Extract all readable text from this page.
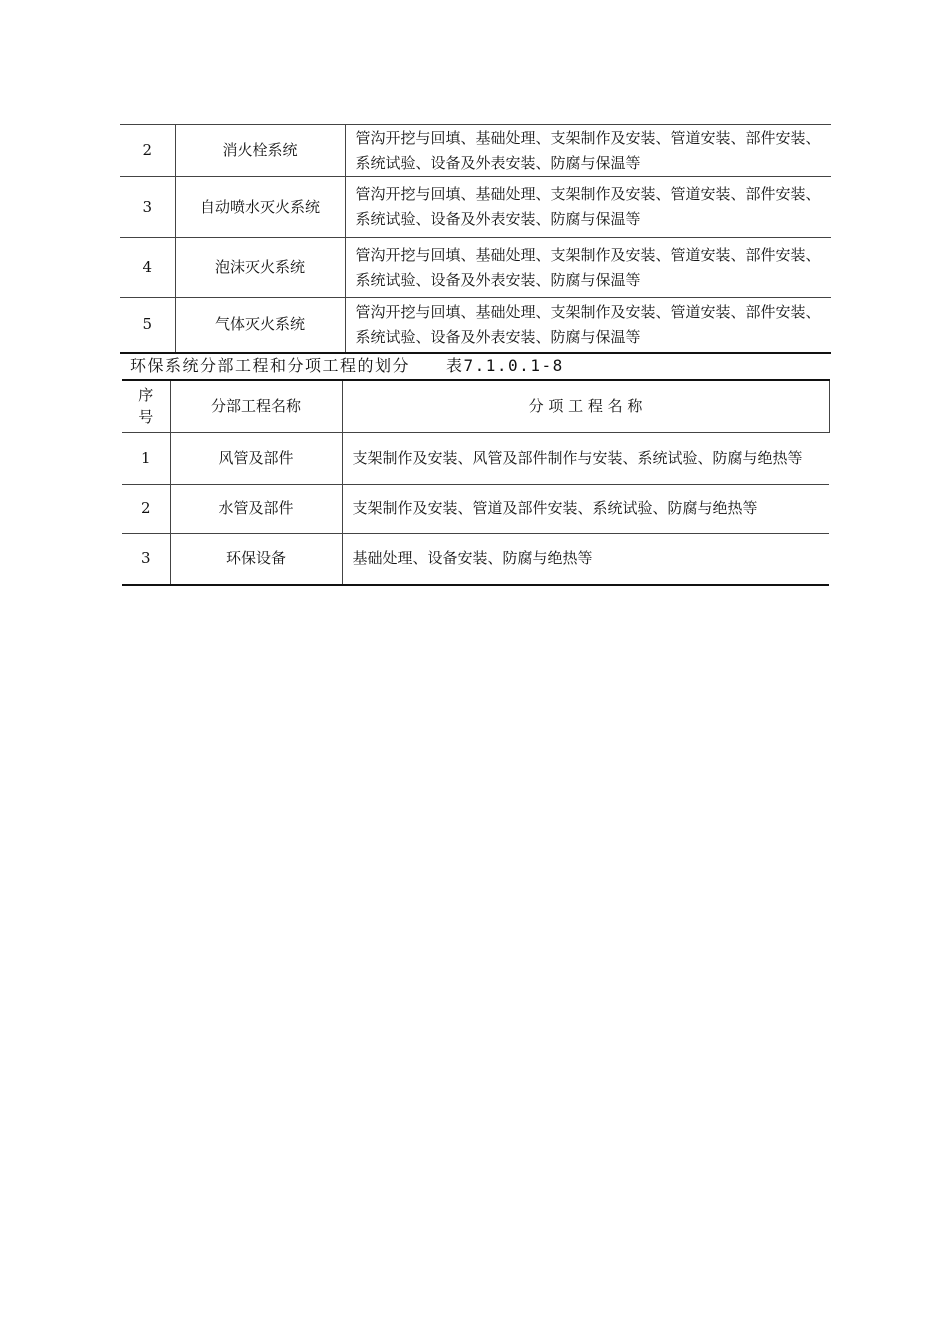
2	消火栓系统	管沟开挖与回填、基础处理、支架制作及安装、管道安装、部件安装、系统试验、设备及外表安装、防腐与保温等
3	自动喷水灭火系统	管沟开挖与回填、基础处理、支架制作及安装、管道安装、部件安装、系统试验、设备及外表安装、防腐与保温等
4	泡沫灭火系统	管沟开挖与回填、基础处理、支架制作及安装、管道安装、部件安装、系统试验、设备及外表安装、防腐与保温等
5	气体灭火系统	管沟开挖与回填、基础处理、支架制作及安装、管道安装、部件安装、系统试验、设备及外表安装、防腐与保温等
环保系统分部工程和分项工程的划分 表7.1.0.1-8
序号	分部工程名称	分 项 工 程 名 称
1	风管及部件	支架制作及安装、风管及部件制作与安装、系统试验、防腐与绝热等
2	水管及部件	支架制作及安装、管道及部件安装、系统试验、防腐与绝热等
3	环保设备	基础处理、设备安装、防腐与绝热等
